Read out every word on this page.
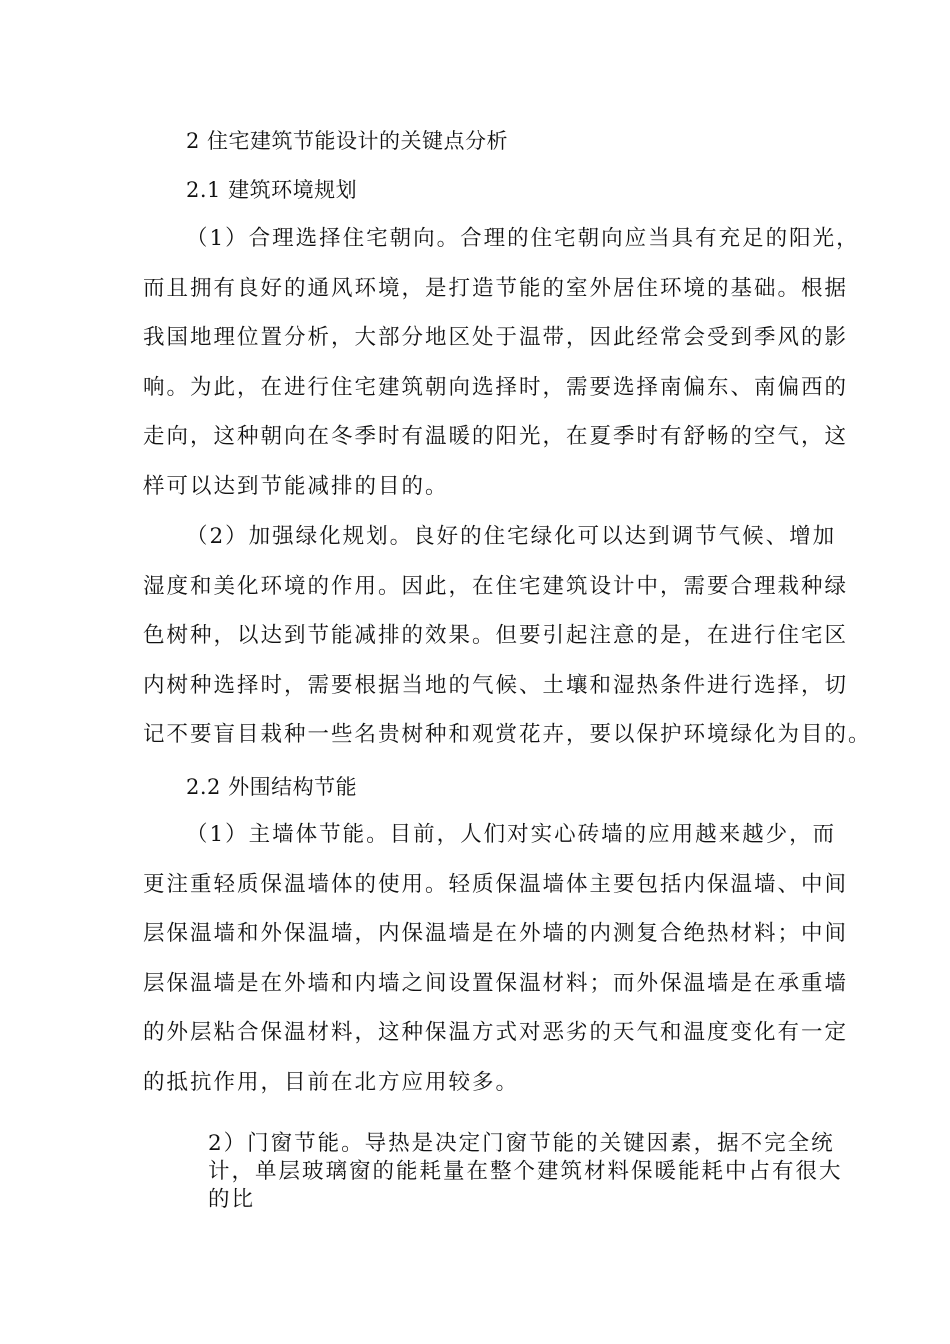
2 住宅建筑节能设计的关键点分析
2.1 建筑环境规划
（1）合理选择住宅朝向。合理的住宅朝向应当具有充足的阳光，
而且拥有良好的通风环境，是打造节能的室外居住环境的基础。根据
我国地理位置分析，大部分地区处于温带，因此经常会受到季风的影
响。为此，在进行住宅建筑朝向选择时，需要选择南偏东、南偏西的
走向，这种朝向在冬季时有温暖的阳光，在夏季时有舒畅的空气，这
样可以达到节能减排的目的。
（2）加强绿化规划。良好的住宅绿化可以达到调节气候、增加
湿度和美化环境的作用。因此，在住宅建筑设计中，需要合理栽种绿
色树种，以达到节能减排的效果。但要引起注意的是，在进行住宅区
内树种选择时，需要根据当地的气候、土壤和湿热条件进行选择，切
记不要盲目栽种一些名贵树种和观赏花卉，要以保护环境绿化为目的。
2.2 外围结构节能
（1）主墙体节能。目前，人们对实心砖墙的应用越来越少，而
更注重轻质保温墙体的使用。轻质保温墙体主要包括内保温墙、中间
层保温墙和外保温墙，内保温墙是在外墙的内测复合绝热材料；中间
层保温墙是在外墙和内墙之间设置保温材料；而外保温墙是在承重墙
的外层粘合保温材料，这种保温方式对恶劣的天气和温度变化有一定
的抵抗作用，目前在北方应用较多。
2）门窗节能。导热是决定门窗节能的关键因素，据不完全统
计，单层玻璃窗的能耗量在整个建筑材料保暖能耗中占有很大
的比
